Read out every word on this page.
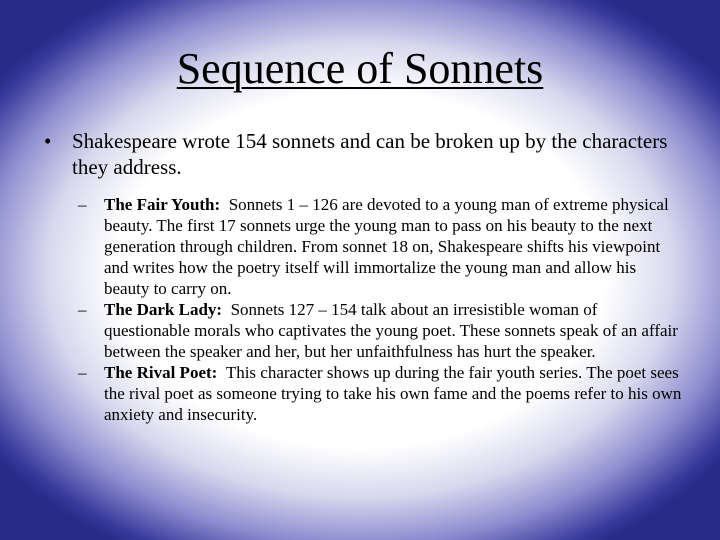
Sequence of Sonnets

• Shakespeare wrote 154 sonnets and can be broken up by the characters they address.

– The Fair Youth:  Sonnets 1 – 126 are devoted to a young man of extreme physical beauty. The first 17 sonnets urge the young man to pass on his beauty to the next generation through children. From sonnet 18 on, Shakespeare shifts his viewpoint and writes how the poetry itself will immortalize the young man and allow his beauty to carry on.

– The Dark Lady:  Sonnets 127 – 154 talk about an irresistible woman of questionable morals who captivates the young poet. These sonnets speak of an affair between the speaker and her, but her unfaithfulness has hurt the speaker.

– The Rival Poet:  This character shows up during the fair youth series. The poet sees the rival poet as someone trying to take his own fame and the poems refer to his own anxiety and insecurity.
